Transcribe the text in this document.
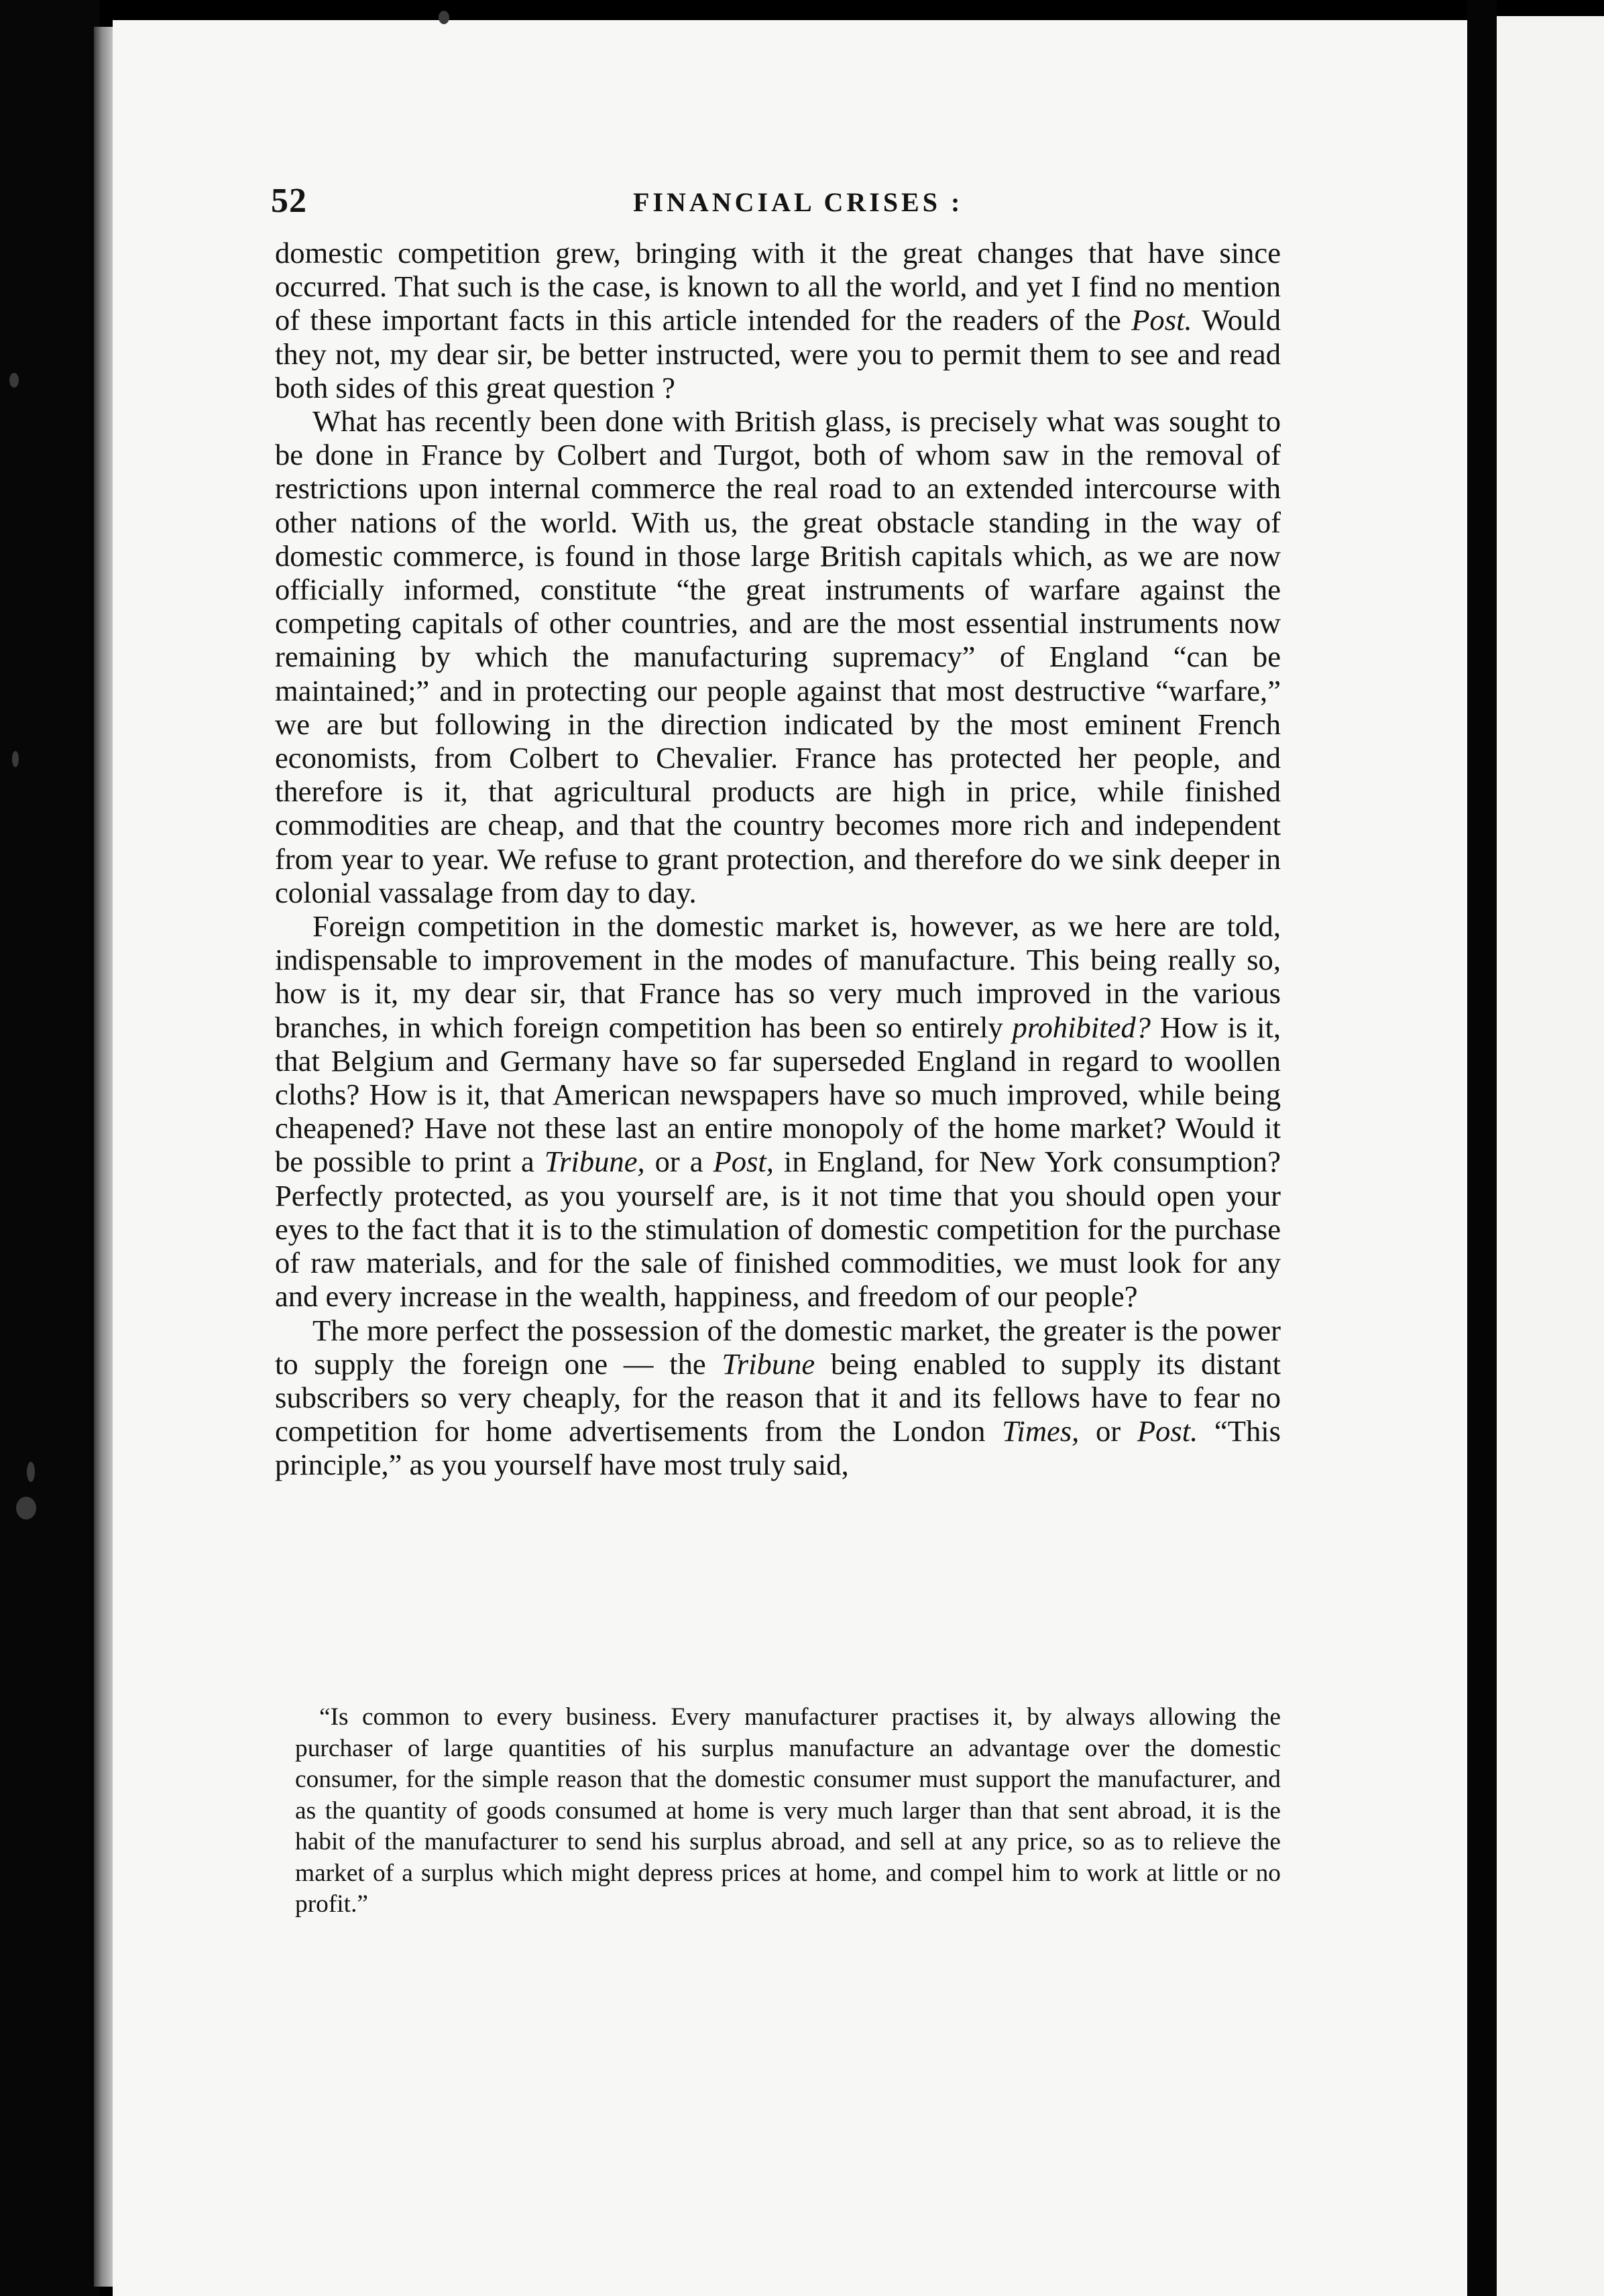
52	FINANCIAL CRISES :

domestic competition grew, bringing with it the great changes that have since occurred. That such is the case, is known to all the world, and yet I find no mention of these important facts in this article intended for the readers of the Post. Would they not, my dear sir, be better instructed, were you to permit them to see and read both sides of this great question ?

What has recently been done with British glass, is precisely what was sought to be done in France by Colbert and Turgot, both of whom saw in the removal of restrictions upon internal commerce the real road to an extended intercourse with other nations of the world. With us, the great obstacle standing in the way of domestic commerce, is found in those large British capitals which, as we are now officially informed, constitute “the great instruments of warfare against the competing capitals of other countries, and are the most essential instruments now remaining by which the manufacturing supremacy” of England “can be maintained;” and in protecting our people against that most destructive “warfare,” we are but following in the direction indicated by the most eminent French economists, from Colbert to Chevalier. France has protected her people, and therefore is it, that agricultural products are high in price, while finished commodities are cheap, and that the country becomes more rich and independent from year to year. We refuse to grant protection, and therefore do we sink deeper in colonial vassalage from day to day.

Foreign competition in the domestic market is, however, as we here are told, indispensable to improvement in the modes of manufacture. This being really so, how is it, my dear sir, that France has so very much improved in the various branches, in which foreign competition has been so entirely prohibited? How is it, that Belgium and Germany have so far superseded England in regard to woollen cloths? How is it, that American newspapers have so much improved, while being cheapened? Have not these last an entire monopoly of the home market? Would it be possible to print a Tribune, or a Post, in England, for New York consumption? Perfectly protected, as you yourself are, is it not time that you should open your eyes to the fact that it is to the stimulation of domestic competition for the purchase of raw materials, and for the sale of finished commodities, we must look for any and every increase in the wealth, happiness, and freedom of our people?

The more perfect the possession of the domestic market, the greater is the power to supply the foreign one — the Tribune being enabled to supply its distant subscribers so very cheaply, for the reason that it and its fellows have to fear no competition for home advertisements from the London Times, or Post. “This principle,” as you yourself have most truly said,

“Is common to every business. Every manufacturer practises it, by always allowing the purchaser of large quantities of his surplus manufacture an advantage over the domestic consumer, for the simple reason that the domestic consumer must support the manufacturer, and as the quantity of goods consumed at home is very much larger than that sent abroad, it is the habit of the manufacturer to send his surplus abroad, and sell at any price, so as to relieve the market of a surplus which might depress prices at home, and compel him to work at little or no profit.”
